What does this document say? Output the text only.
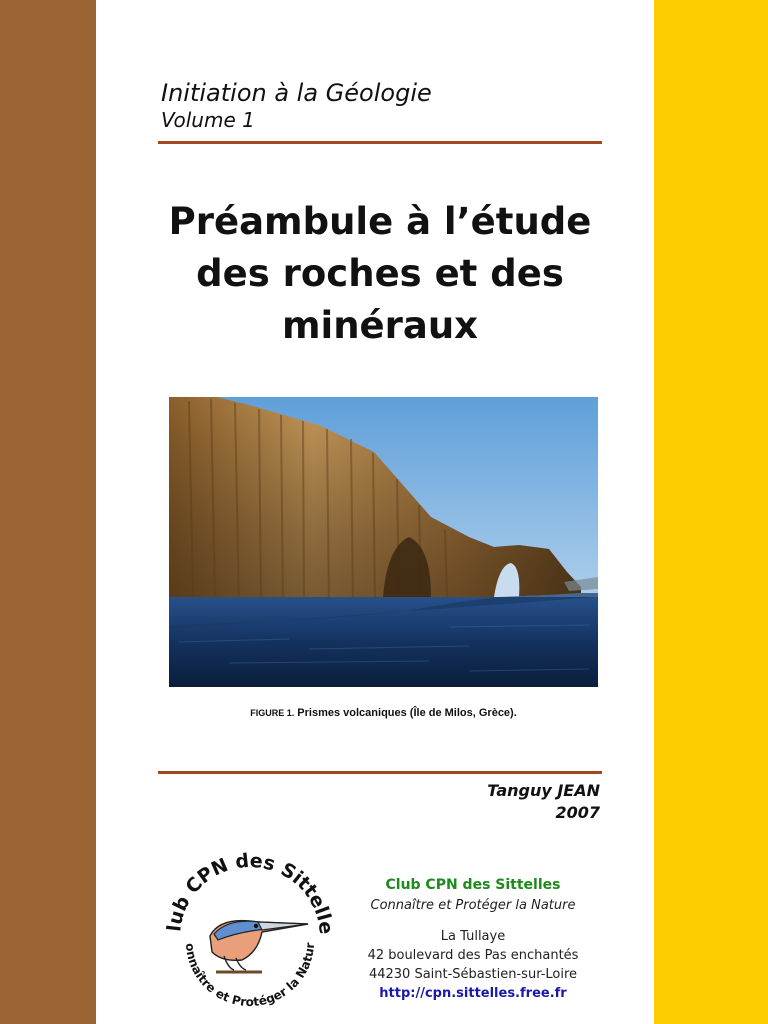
Initiation à la Géologie
Volume 1
Préambule à l’étude
des roches et des
minéraux
FIGURE 1. Prismes volcaniques (Île de Milos, Grèce).
Tanguy JEAN
2007
lub CPN des Sittelle
onnaître et Protéger la Natur
Club CPN des Sittelles
Connaître et Protéger la Nature
La Tullaye
42 boulevard des Pas enchantés
44230 Saint-Sébastien-sur-Loire
http://cpn.sittelles.free.fr
